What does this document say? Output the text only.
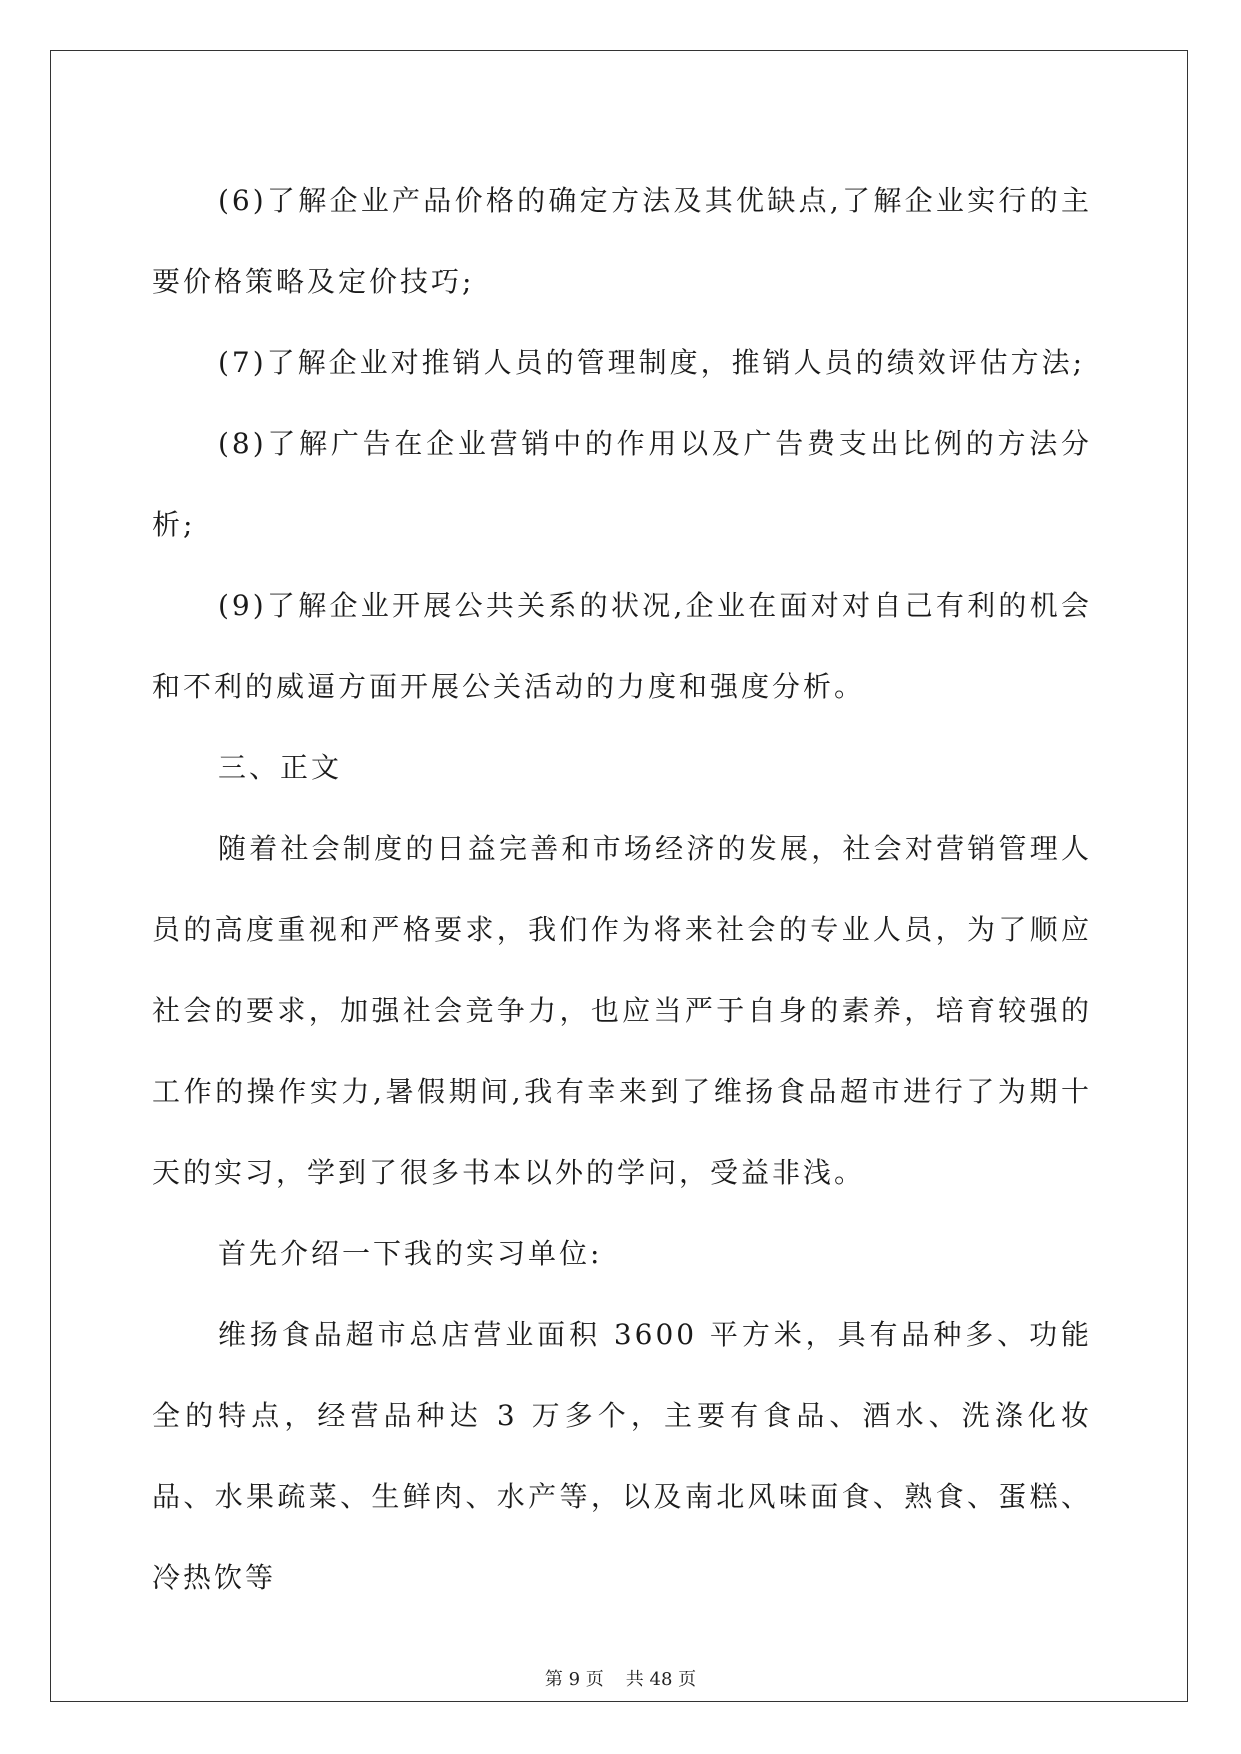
(6)了解企业产品价格的确定方法及其优缺点,了解企业实行的主要价格策略及定价技巧;

(7)了解企业对推销人员的管理制度，推销人员的绩效评估方法;

(8)了解广告在企业营销中的作用以及广告费支出比例的方法分析;

(9)了解企业开展公共关系的状况,企业在面对对自己有利的机会和不利的威逼方面开展公关活动的力度和强度分析。

三、正文

随着社会制度的日益完善和市场经济的发展，社会对营销管理人员的高度重视和严格要求，我们作为将来社会的专业人员，为了顺应社会的要求，加强社会竞争力，也应当严于自身的素养，培育较强的工作的操作实力,暑假期间,我有幸来到了维扬食品超市进行了为期十天的实习，学到了很多书本以外的学问，受益非浅。

首先介绍一下我的实习单位:

维扬食品超市总店营业面积 3600 平方米，具有品种多、功能全的特点，经营品种达 3 万多个，主要有食品、酒水、洗涤化妆品、水果疏菜、生鲜肉、水产等，以及南北风味面食、熟食、蛋糕、冷热饮等

第 9 页 共 48 页
